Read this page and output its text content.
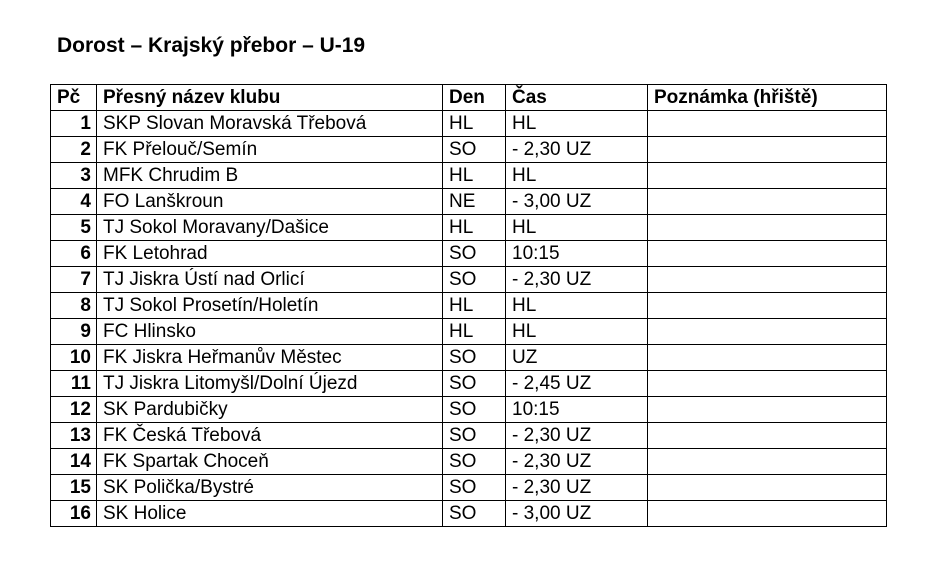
Dorost – Krajský přebor – U-19
Pč	Přesný název klubu	Den	Čas	Poznámka (hřiště)
1	SKP Slovan Moravská Třebová	HL	HL	
2	FK Přelouč/Semín	SO	- 2,30 UZ	
3	MFK Chrudim B	HL	HL	
4	FO Lanškroun	NE	- 3,00 UZ	
5	TJ Sokol Moravany/Dašice	HL	HL	
6	FK Letohrad	SO	10:15	
7	TJ Jiskra Ústí nad Orlicí	SO	- 2,30 UZ	
8	TJ Sokol Prosetín/Holetín	HL	HL	
9	FC Hlinsko	HL	HL	
10	FK Jiskra Heřmanův Městec	SO	UZ	
11	TJ Jiskra Litomyšl/Dolní Újezd	SO	- 2,45 UZ	
12	SK Pardubičky	SO	10:15	
13	FK Česká Třebová	SO	- 2,30 UZ	
14	FK Spartak Choceň	SO	- 2,30 UZ	
15	SK Polička/Bystré	SO	- 2,30 UZ	
16	SK Holice	SO	- 3,00 UZ	
